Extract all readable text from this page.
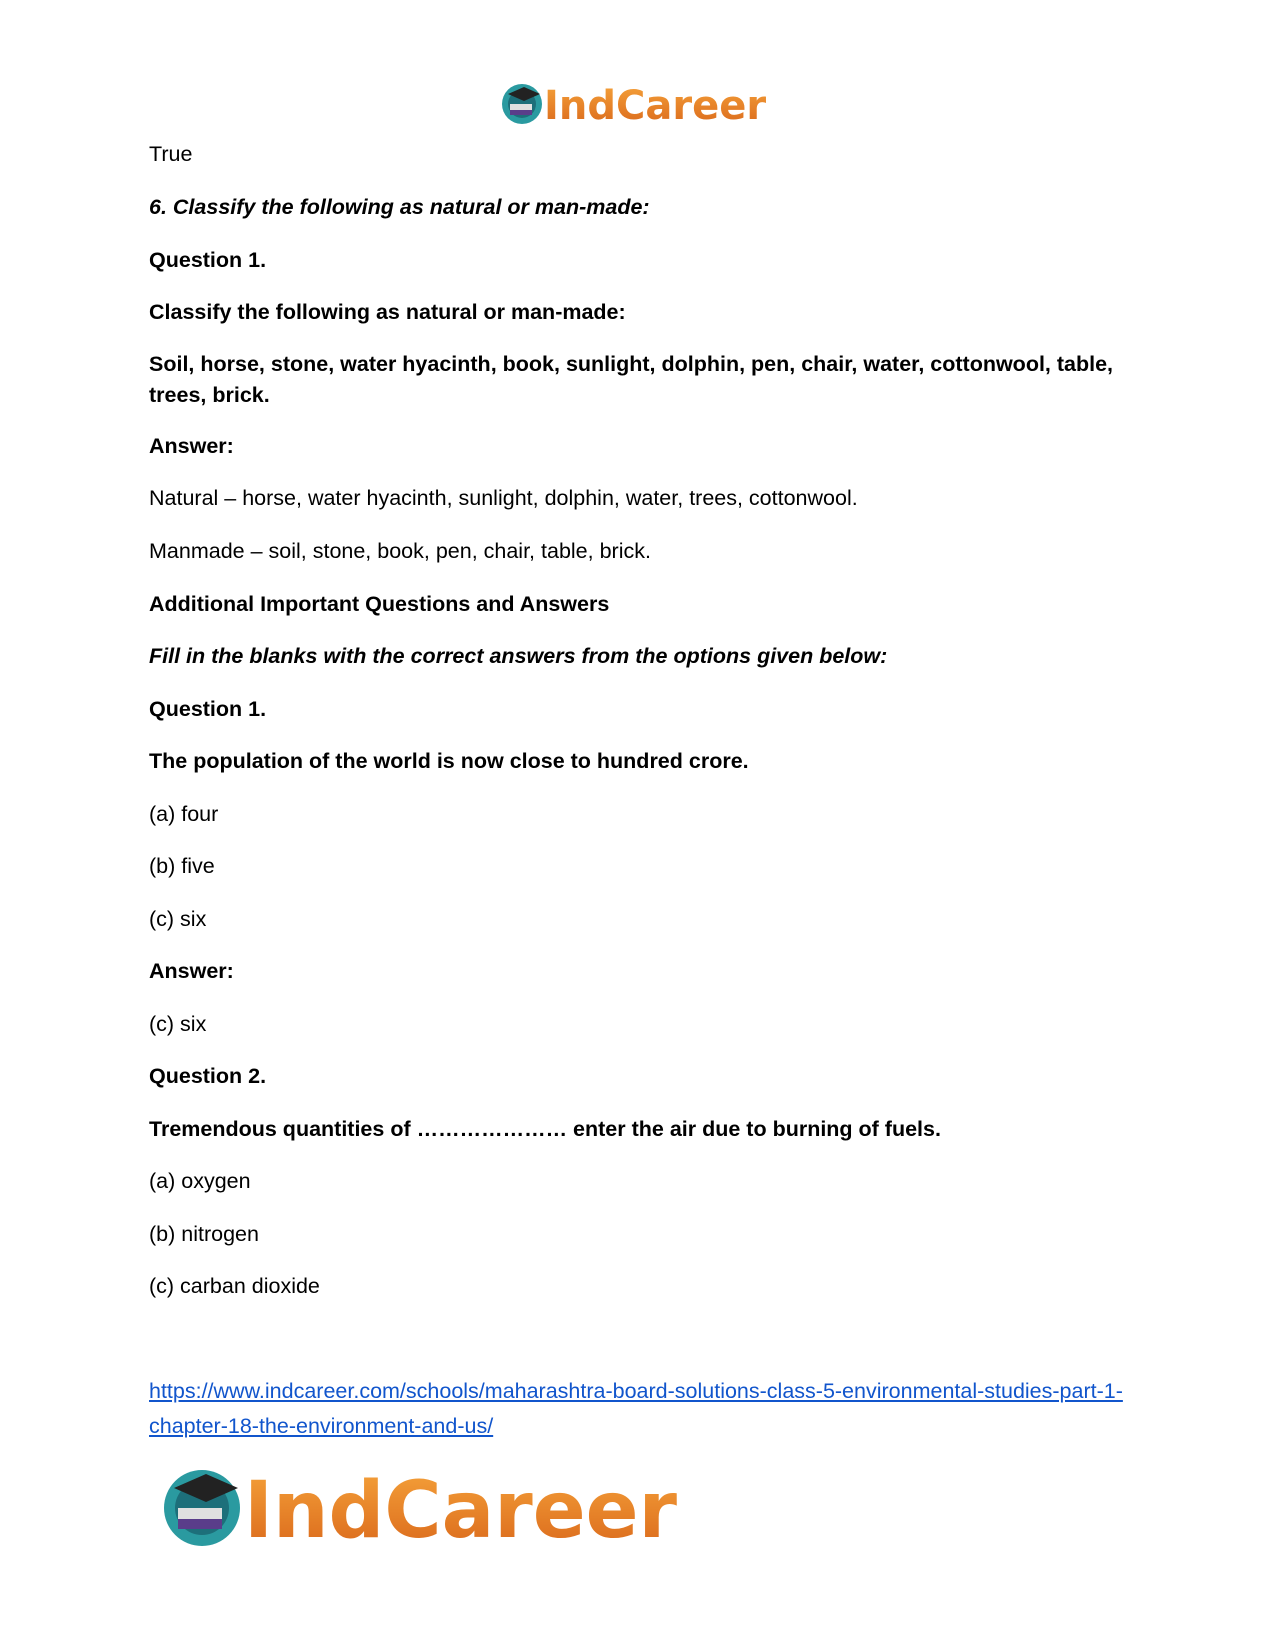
IndCareer
True
6. Classify the following as natural or man-made:
Question 1.
Classify the following as natural or man-made:
Soil, horse, stone, water hyacinth, book, sunlight, dolphin, pen, chair, water, cottonwool, table, trees, brick.
Answer:
Natural – horse, water hyacinth, sunlight, dolphin, water, trees, cottonwool.
Manmade – soil, stone, book, pen, chair, table, brick.
Additional Important Questions and Answers
Fill in the blanks with the correct answers from the options given below:
Question 1.
The population of the world is now close to hundred crore.
(a) four
(b) five
(c) six
Answer:
(c) six
Question 2.
Tremendous quantities of ………………… enter the air due to burning of fuels.
(a) oxygen
(b) nitrogen
(c) carban dioxide
https://www.indcareer.com/schools/maharashtra-board-solutions-class-5-environmental-studies-part-1-chapter-18-the-environment-and-us/
IndCareer
